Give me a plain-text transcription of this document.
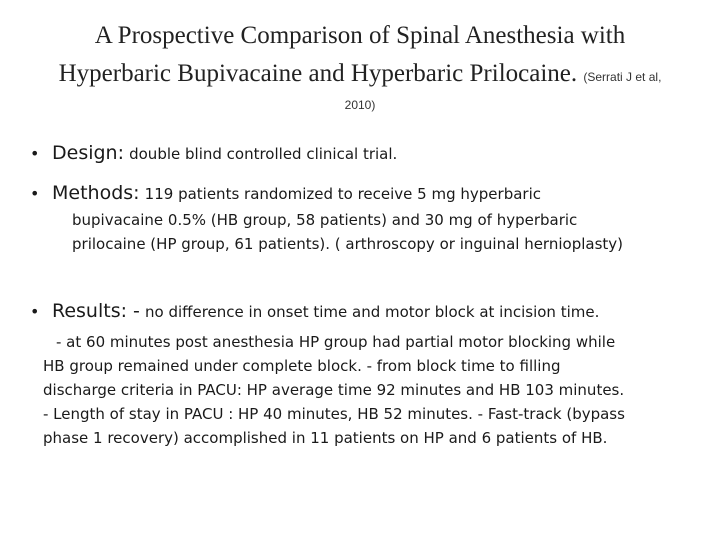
A Prospective Comparison of Spinal Anesthesia with
Hyperbaric Bupivacaine and Hyperbaric Prilocaine. (Serrati J et al,
2010)
• Design: double blind controlled clinical trial.
• Methods: 119 patients randomized to receive 5 mg hyperbaric
bupivacaine 0.5% (HB group, 58 patients) and 30 mg of hyperbaric
prilocaine (HP group, 61 patients). ( arthroscopy or inguinal hernioplasty)
• Results: - no difference in onset time and motor block at incision time.
- at 60 minutes post anesthesia HP group had partial motor blocking while
HB group remained under complete block. - from block time to filling
discharge criteria in PACU: HP average time 92 minutes and HB 103 minutes.
- Length of stay in PACU : HP 40 minutes, HB 52 minutes. - Fast-track (bypass
phase 1 recovery) accomplished in 11 patients on HP and 6 patients of HB.
